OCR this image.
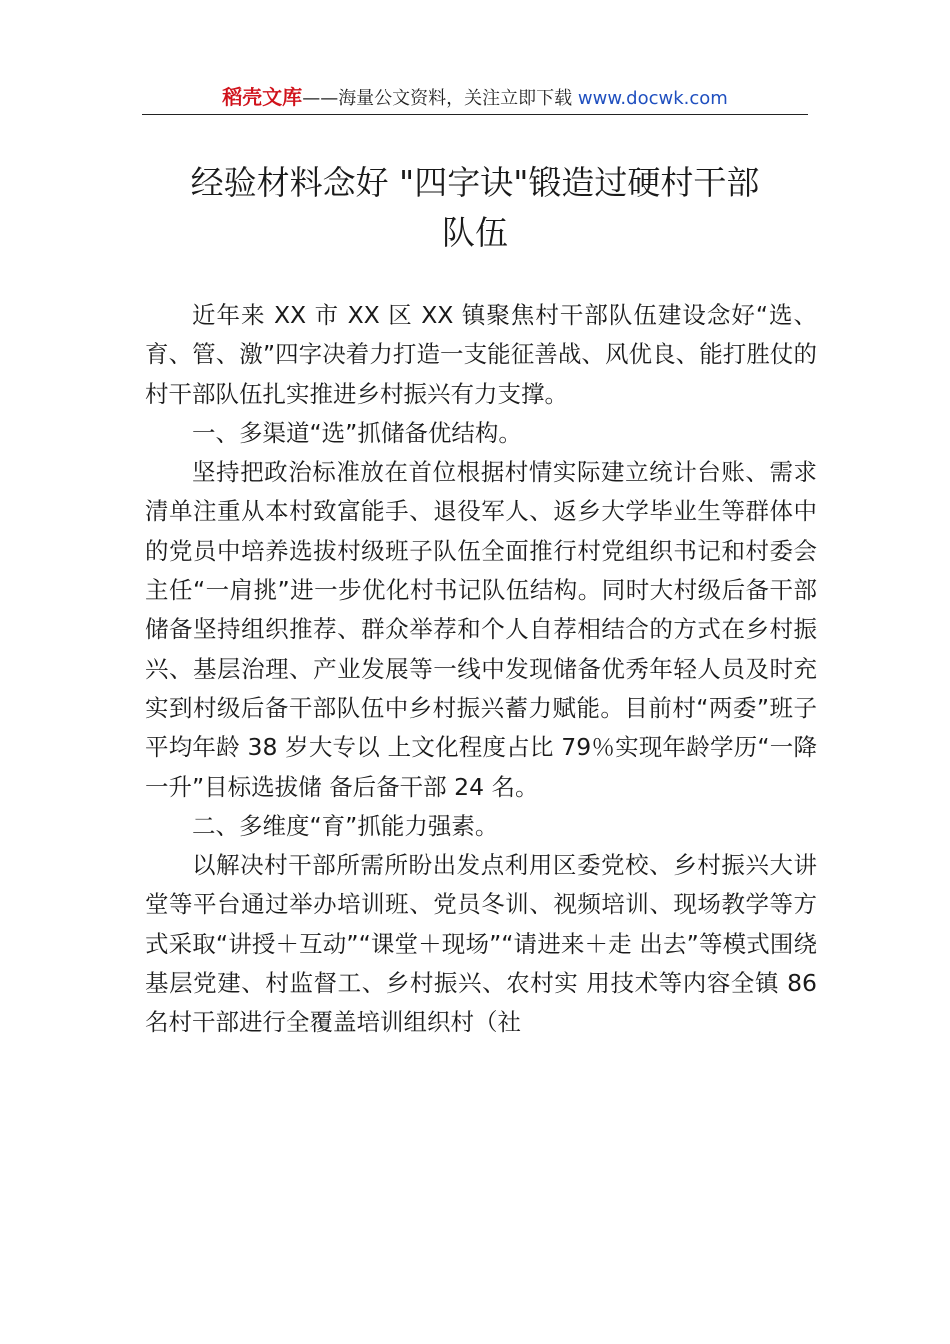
稻壳文库——海量公文资料，关注立即下载 www.docwk.com
经验材料念好 "四字诀"锻造过硬村干部
队伍

近年来 XX 市 XX 区 XX 镇聚焦村干部队伍建设念好“选、育、管、激”四字决着力打造一支能征善战、风优良、能打胜仗的村干部队伍扎实推进乡村振兴有力支撑。

一、多渠道“选”抓储备优结构。

坚持把政治标准放在首位根据村情实际建立统计台账、需求清单注重从本村致富能手、退役军人、返乡大学毕业生等群体中的党员中培养选拔村级班子队伍全面推行村党组织书记和村委会主任“一肩挑”进一步优化村书记队伍结构。同时大村级后备干部储备坚持组织推荐、群众举荐和个人自荐相结合的方式在乡村振兴、基层治理、产业发展等一线中发现储备优秀年轻人员及时充实到村级后备干部队伍中乡村振兴蓄力赋能。目前村“两委”班子平均年龄 38 岁大专以 上文化程度占比 79％实现年龄学历“一降一升”目标选拔储 备后备干部 24 名。

二、多维度“育”抓能力强素。

以解决村干部所需所盼出发点利用区委党校、乡村振兴大讲堂等平台通过举办培训班、党员冬训、视频培训、现场教学等方式采取“讲授＋互动”“课堂＋现场”“请进来＋走 出去”等模式围绕基层党建、村监督工、乡村振兴、农村实 用技术等内容全镇 86 名村干部进行全覆盖培训组织村（社
